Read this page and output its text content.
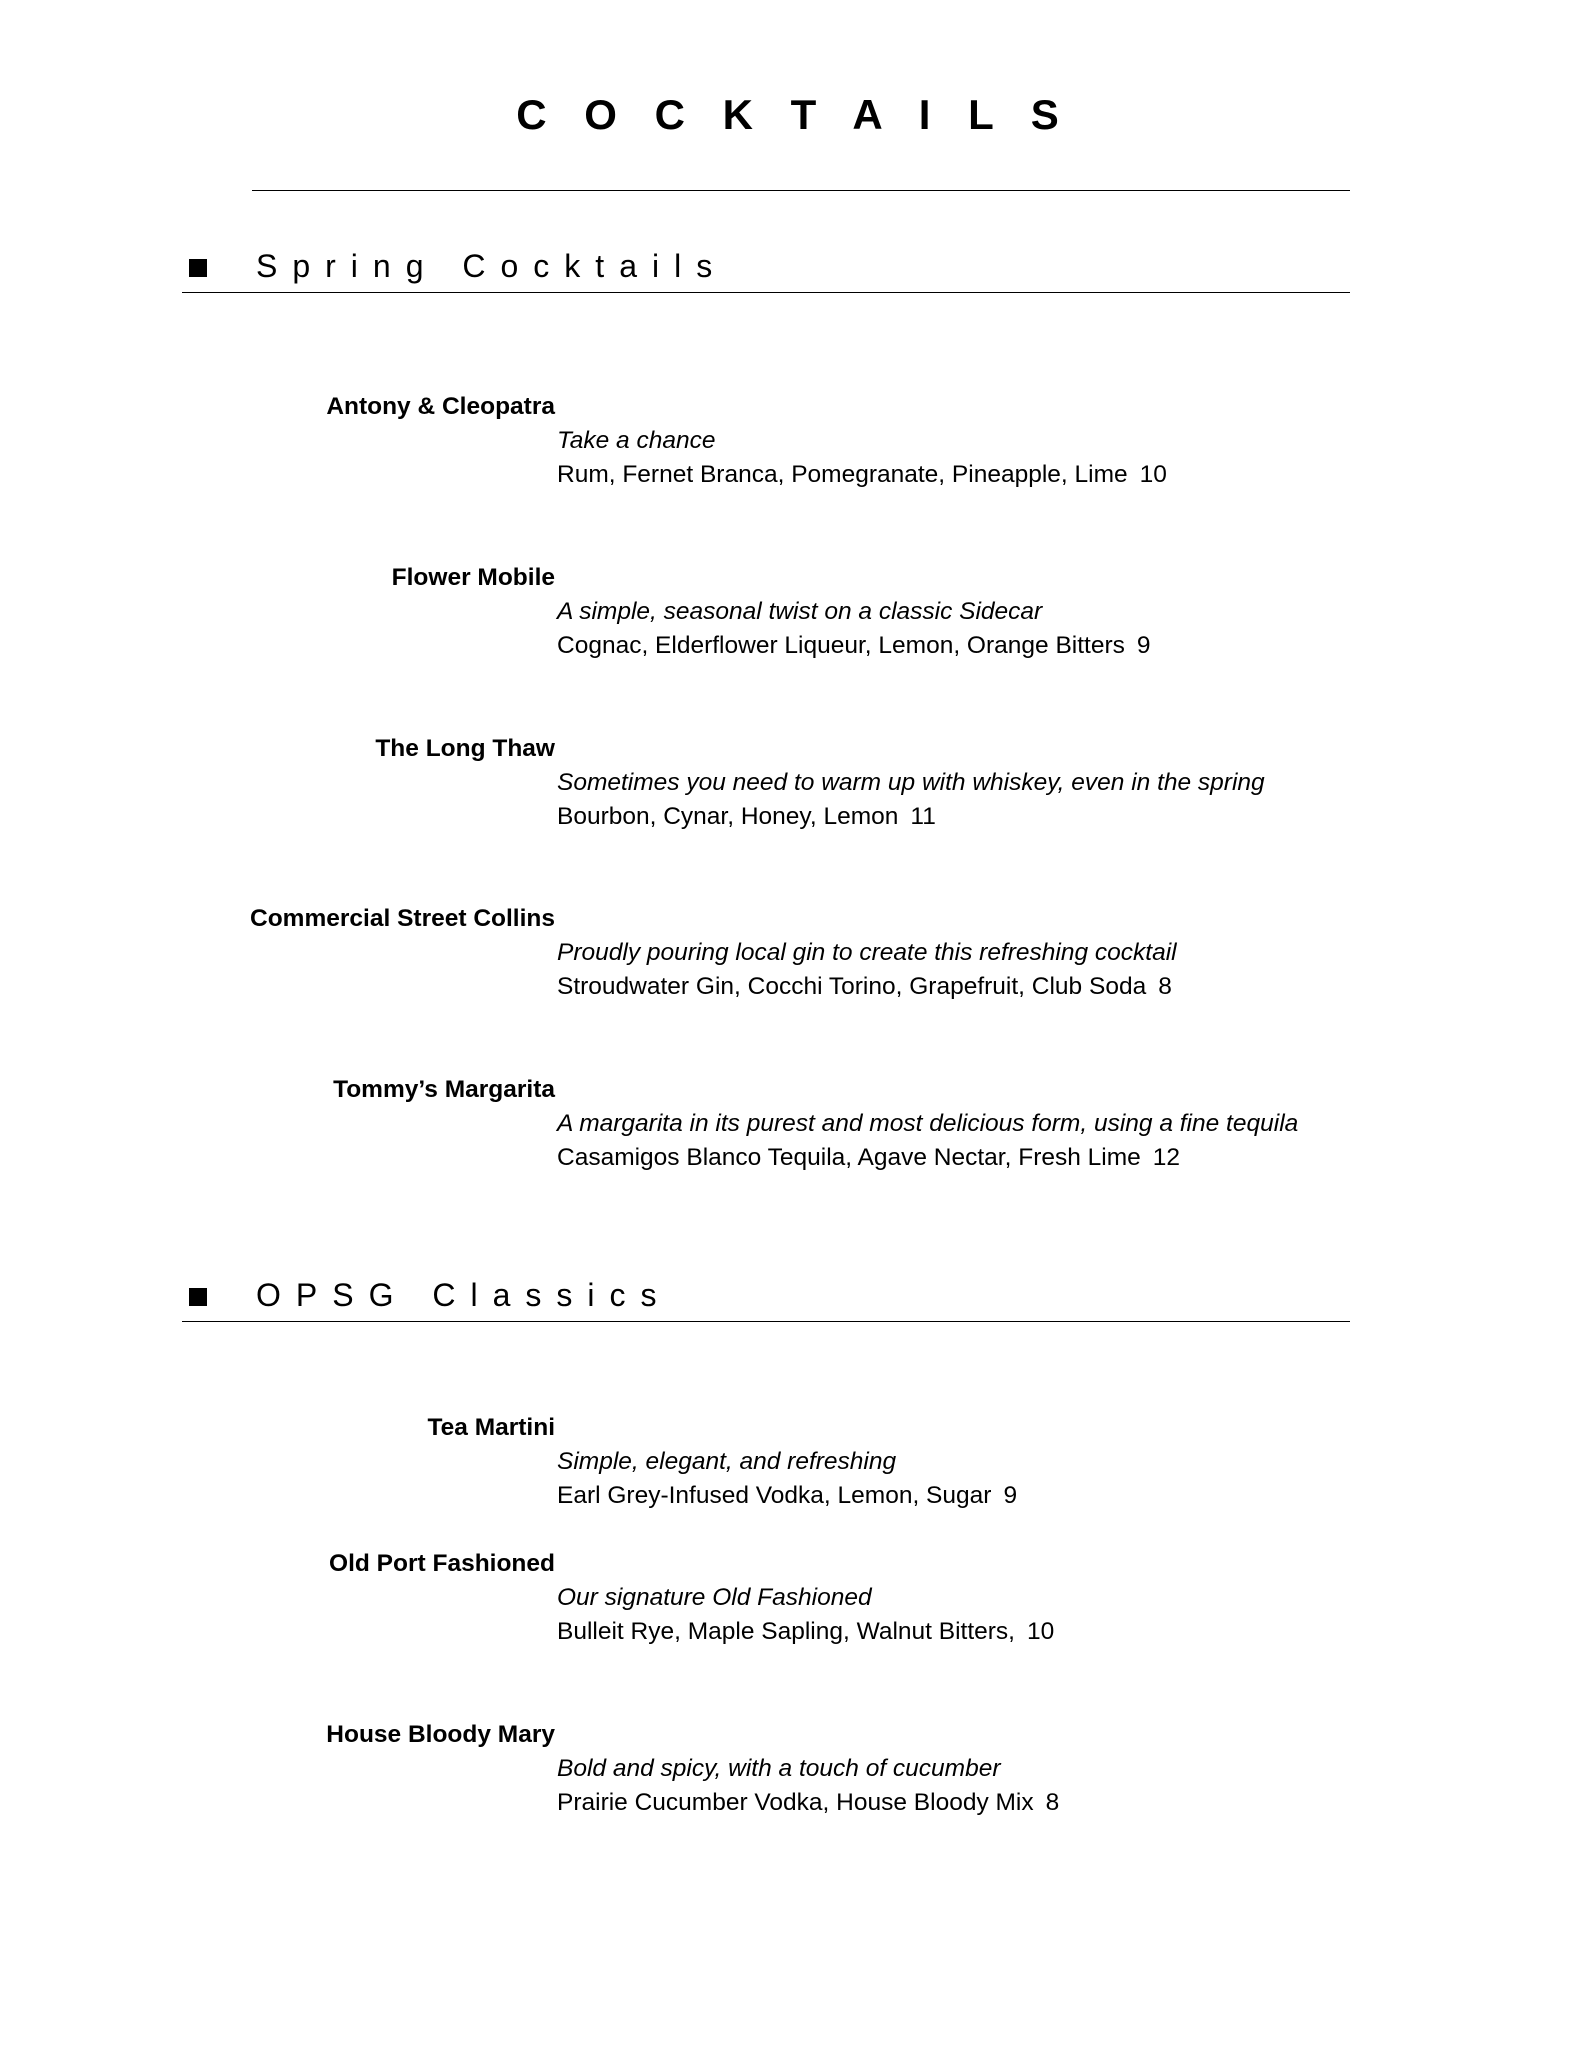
C O C K T A I L S
Spring Cocktails
Antony & Cleopatra
Take a chance
Rum, Fernet Branca, Pomegranate, Pineapple, Lime 10
Flower Mobile
A simple, seasonal twist on a classic Sidecar
Cognac, Elderflower Liqueur, Lemon, Orange Bitters 9
The Long Thaw
Sometimes you need to warm up with whiskey, even in the spring
Bourbon, Cynar, Honey, Lemon 11
Commercial Street Collins
Proudly pouring local gin to create this refreshing cocktail
Stroudwater Gin, Cocchi Torino, Grapefruit, Club Soda 8
Tommy’s Margarita
A margarita in its purest and most delicious form, using a fine tequila
Casamigos Blanco Tequila, Agave Nectar, Fresh Lime 12
OPSG Classics
Tea Martini
Simple, elegant, and refreshing
Earl Grey-Infused Vodka, Lemon, Sugar 9
Old Port Fashioned
Our signature Old Fashioned
Bulleit Rye, Maple Sapling, Walnut Bitters, 10
House Bloody Mary
Bold and spicy, with a touch of cucumber
Prairie Cucumber Vodka, House Bloody Mix 8
